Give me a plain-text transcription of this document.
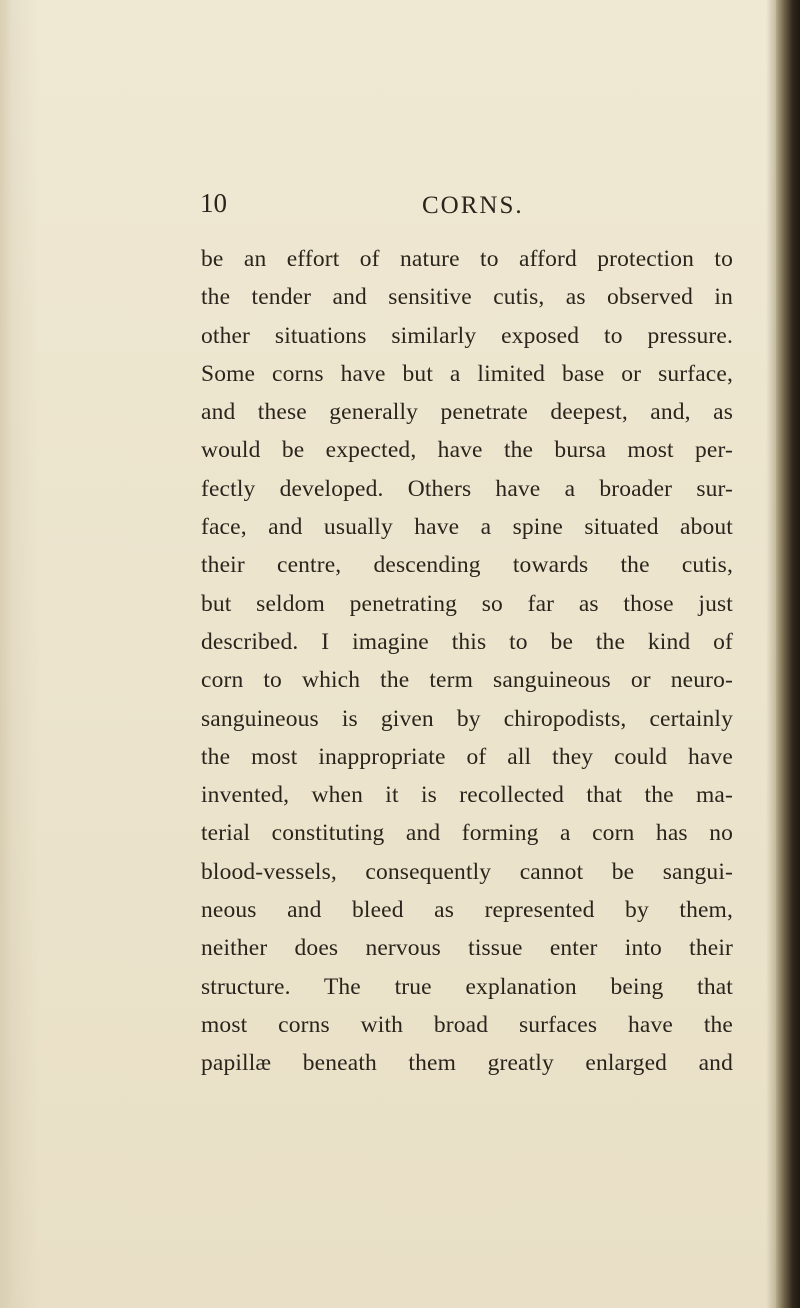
10	CORNS.
be an effort of nature to afford protection to
the tender and sensitive cutis, as observed in
other situations similarly exposed to pressure.
Some corns have but a limited base or surface,
and these generally penetrate deepest, and, as
would be expected, have the bursa most per-
fectly developed. Others have a broader sur-
face, and usually have a spine situated about
their centre, descending towards the cutis,
but seldom penetrating so far as those just
described. I imagine this to be the kind of
corn to which the term sanguineous or neuro-
sanguineous is given by chiropodists, certainly
the most inappropriate of all they could have
invented, when it is recollected that the ma-
terial constituting and forming a corn has no
blood-vessels, consequently cannot be sangui-
neous and bleed as represented by them,
neither does nervous tissue enter into their
structure. The true explanation being that
most corns with broad surfaces have the
papillæ beneath them greatly enlarged and
